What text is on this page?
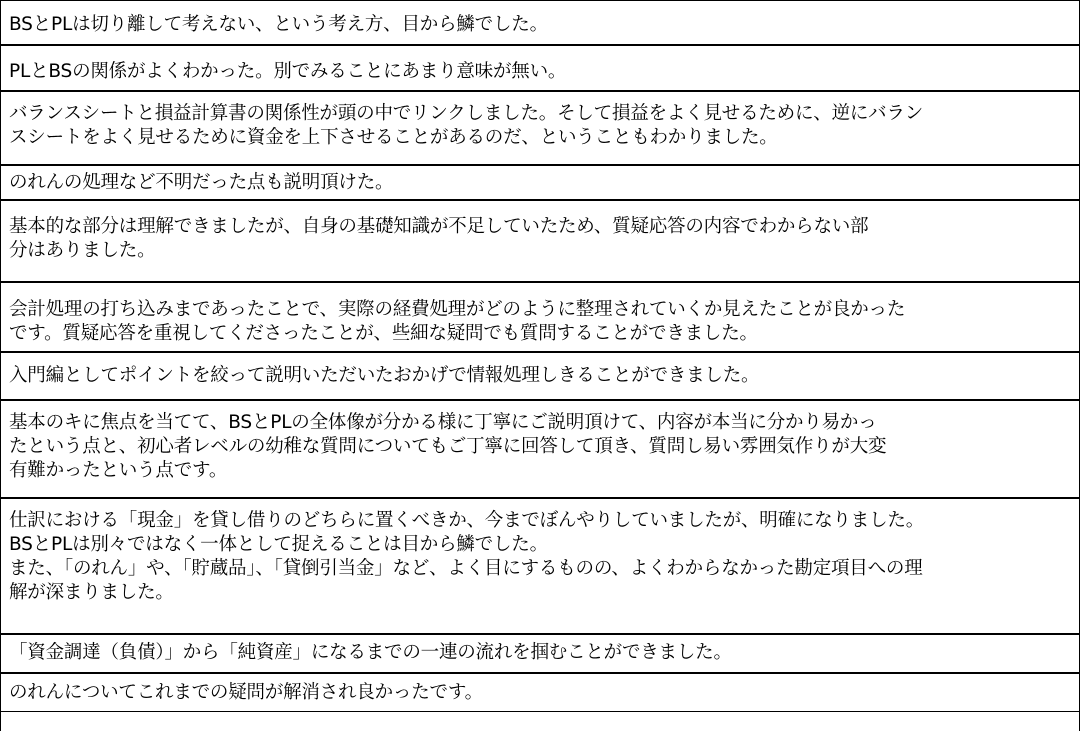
BSとPLは切り離して考えない、という考え方、目から鱗でした。
PLとBSの関係がよくわかった。別でみることにあまり意味が無い。
バランスシートと損益計算書の関係性が頭の中でリンクしました。そして損益をよく見せるために、逆にバラン
スシートをよく見せるために資金を上下させることがあるのだ、ということもわかりました。
のれんの処理など不明だった点も説明頂けた。
基本的な部分は理解できましたが、自身の基礎知識が不足していたため、質疑応答の内容でわからない部
分はありました。
会計処理の打ち込みまであったことで、実際の経費処理がどのように整理されていくか見えたことが良かった
です。質疑応答を重視してくださったことが、些細な疑問でも質問することができました。
入門編としてポイントを絞って説明いただいたおかげで情報処理しきることができました。
基本のキに焦点を当てて、BSとPLの全体像が分かる様に丁寧にご説明頂けて、内容が本当に分かり易かっ
たという点と、初心者レベルの幼稚な質問についてもご丁寧に回答して頂き、質問し易い雰囲気作りが大変
有難かったという点です。
仕訳における「現金」を貸し借りのどちらに置くべきか、今までぼんやりしていましたが、明確になりました。
BSとPLは別々ではなく一体として捉えることは目から鱗でした。
また、「のれん」や、「貯蔵品」、「貸倒引当金」など、よく目にするものの、よくわからなかった勘定項目への理
解が深まりました。
「資金調達（負債）」から「純資産」になるまでの一連の流れを掴むことができました。
のれんについてこれまでの疑問が解消され良かったです。
